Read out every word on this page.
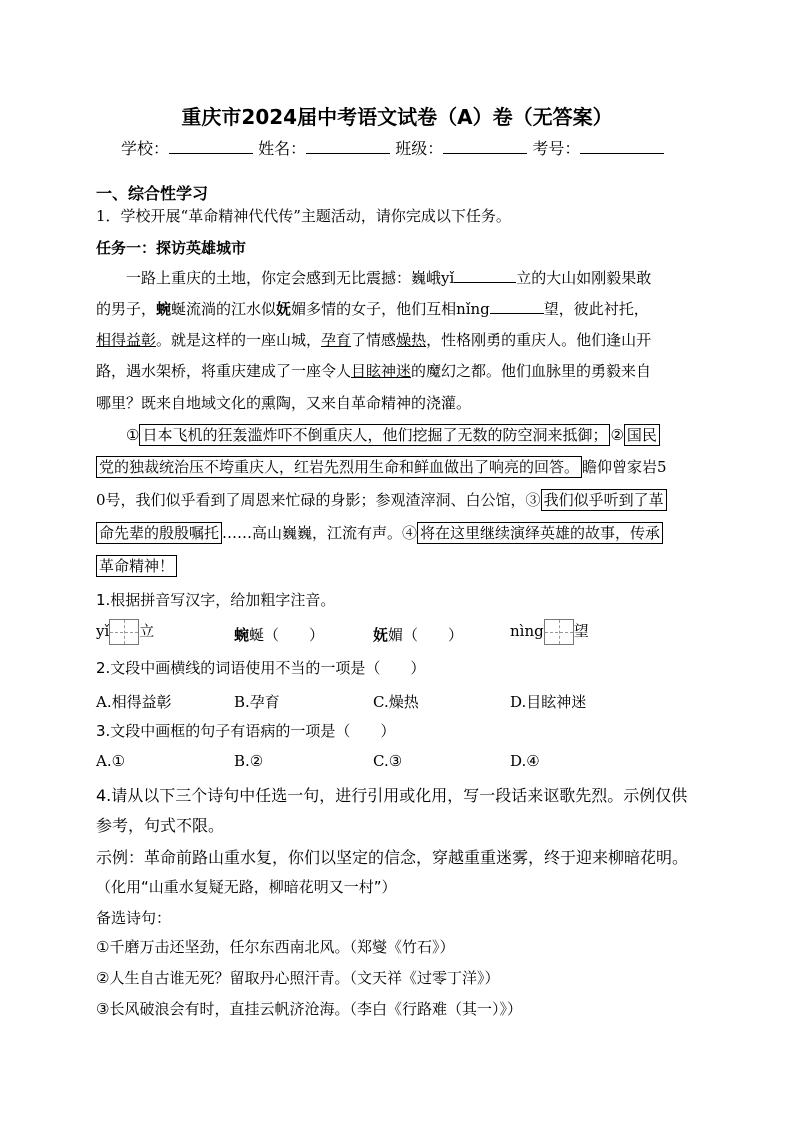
重庆市2024届中考语文试卷（A）卷（无答案）
学校：	姓名：	班级：	考号：
一、综合性学习
1．学校开展“革命精神代代传”主题活动，请你完成以下任务。
任务一：探访英雄城市
一路上重庆的土地，你定会感到无比震撼：巍峨yǐ	立的大山如刚毅果敢
的男子，蜿蜒流淌的江水似妩媚多情的女子，他们互相nǐng	望，彼此衬托，
相得益彰。就是这样的一座山城，孕育了情感燥热，性格刚勇的重庆人。他们逢山开
路，遇水架桥，将重庆建成了一座令人目眩神迷的魔幻之都。他们血脉里的勇毅来自
哪里？既来自地域文化的熏陶，又来自革命精神的浇灌。
① 日本飞机的狂轰滥炸吓不倒重庆人，他们挖掘了无数的防空洞来抵御； ② 国民
党的独裁统治压不垮重庆人，红岩先烈用生命和鲜血做出了响亮的回答。 瞻仰曾家岩5
0号，我们似乎看到了周恩来忙碌的身影；参观渣滓洞、白公馆，③ 我们似乎听到了革
命先辈的殷殷嘱托 ……高山巍巍，江流有声。④ 将在这里继续演绎英雄的故事，传承
革命精神！
1.根据拼音写汉字，给加粗字注音。
yǐ 立	蜿蜒（　　）	妩媚（　　）	nìng 望
2.文段中画横线的词语使用不当的一项是（　　）
A.相得益彰	B.孕育	C.燥热	D.目眩神迷
3.文段中画框的句子有语病的一项是（　　）
A.①	B.②	C.③	D.④
4.请从以下三个诗句中任选一句，进行引用或化用，写一段话来讴歌先烈。示例仅供
参考，句式不限。
示例：革命前路山重水复，你们以坚定的信念，穿越重重迷雾，终于迎来柳暗花明。
（化用“山重水复疑无路，柳暗花明又一村”）
备选诗句：
①千磨万击还坚劲，任尔东西南北风。（郑燮《竹石》）
②人生自古谁无死？留取丹心照汗青。（文天祥《过零丁洋》）
③长风破浪会有时，直挂云帆济沧海。（李白《行路难（其一）》）
